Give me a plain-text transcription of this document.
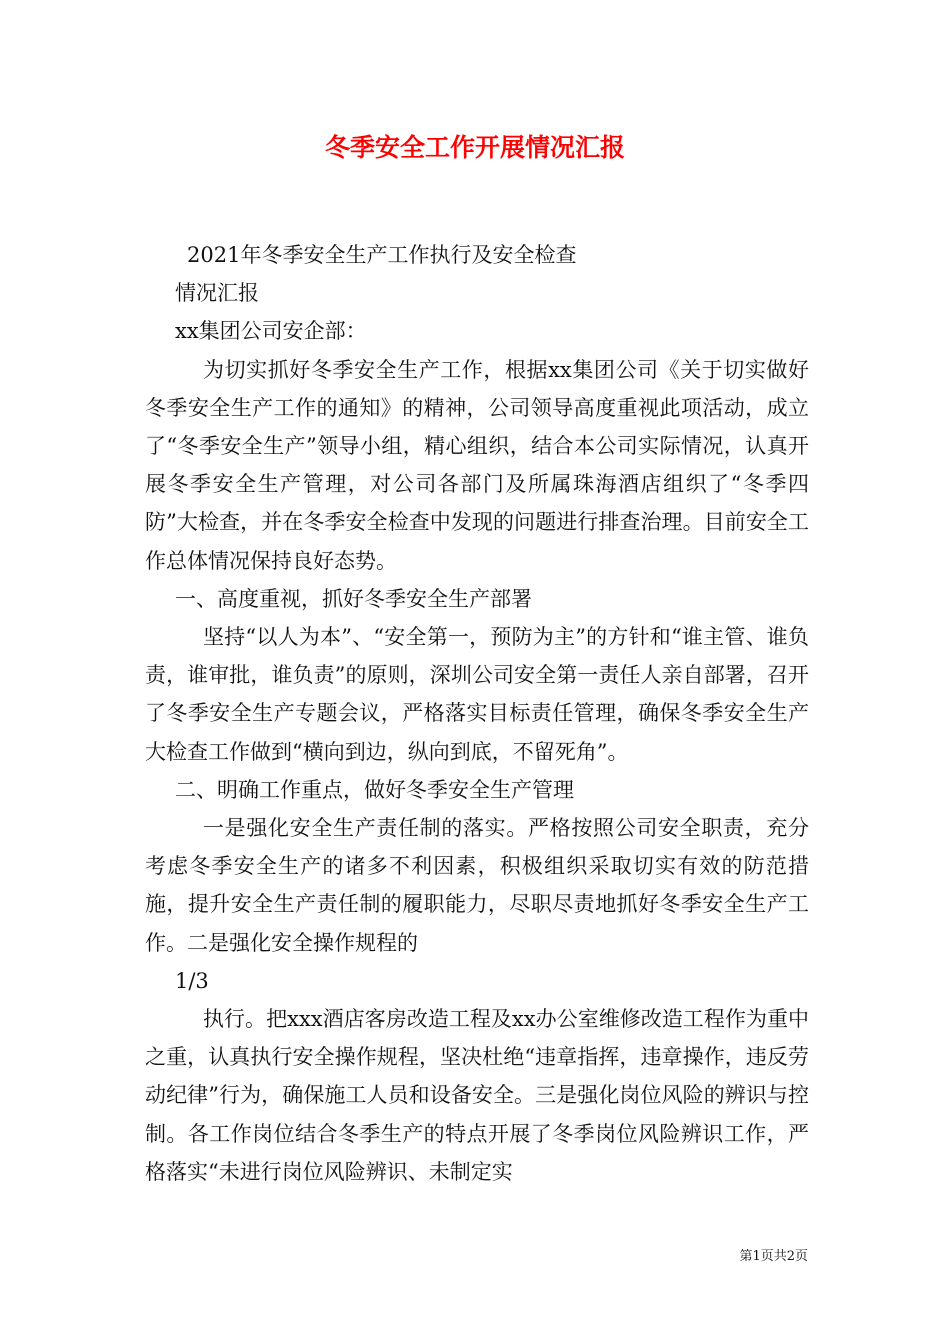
冬季安全工作开展情况汇报

2021年冬季安全生产工作执行及安全检查

情况汇报

xx集团公司安企部：

为切实抓好冬季安全生产工作，根据xx集团公司《关于切实做好冬季安全生产工作的通知》的精神，公司领导高度重视此项活动，成立了“冬季安全生产”领导小组，精心组织，结合本公司实际情况，认真开展冬季安全生产管理，对公司各部门及所属珠海酒店组织了“冬季四防”大检查，并在冬季安全检查中发现的问题进行排查治理。目前安全工作总体情况保持良好态势。

一、高度重视，抓好冬季安全生产部署

坚持“以人为本”、“安全第一，预防为主”的方针和“谁主管、谁负责，谁审批，谁负责”的原则，深圳公司安全第一责任人亲自部署，召开了冬季安全生产专题会议，严格落实目标责任管理，确保冬季安全生产大检查工作做到“横向到边，纵向到底，不留死角”。

二、明确工作重点，做好冬季安全生产管理

一是强化安全生产责任制的落实。严格按照公司安全职责，充分考虑冬季安全生产的诸多不利因素，积极组织采取切实有效的防范措施，提升安全生产责任制的履职能力，尽职尽责地抓好冬季安全生产工作。二是强化安全操作规程的

1/3

执行。把xxx酒店客房改造工程及xx办公室维修改造工程作为重中之重，认真执行安全操作规程，坚决杜绝“违章指挥，违章操作，违反劳动纪律”行为，确保施工人员和设备安全。三是强化岗位风险的辨识与控制。各工作岗位结合冬季生产的特点开展了冬季岗位风险辨识工作，严格落实“未进行岗位风险辨识、未制定实

第1页共2页
